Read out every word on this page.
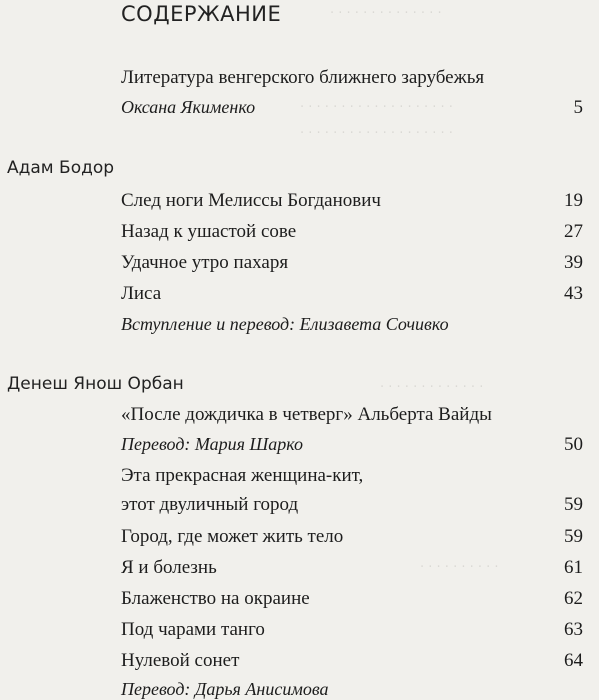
· · · · · · · · · · · · · ·
· · · · · · · · · · · · · · · · · · ·
· · · · · · · · · · · · · · · · · · ·
· · · · · · · · · · · · ·
· · · · · · · · · ·
СОДЕРЖАНИЕ
Литература венгерского ближнего зарубежья
Оксана Якименко	5
Адам Бодор
След ноги Мелиссы Богданович	19
Назад к ушастой сове	27
Удачное утро пахаря	39
Лиса	43
Вступление и перевод: Елизавета Сочивко
Денеш Янош Орбан
«После дождичка в четверг» Альберта Вайды
Перевод: Мария Шарко	50
Эта прекрасная женщина-кит,
этот двуличный город	59
Город, где может жить тело	59
Я и болезнь	61
Блаженство на окраине	62
Под чарами танго	63
Нулевой сонет	64
Перевод: Дарья Анисимова
